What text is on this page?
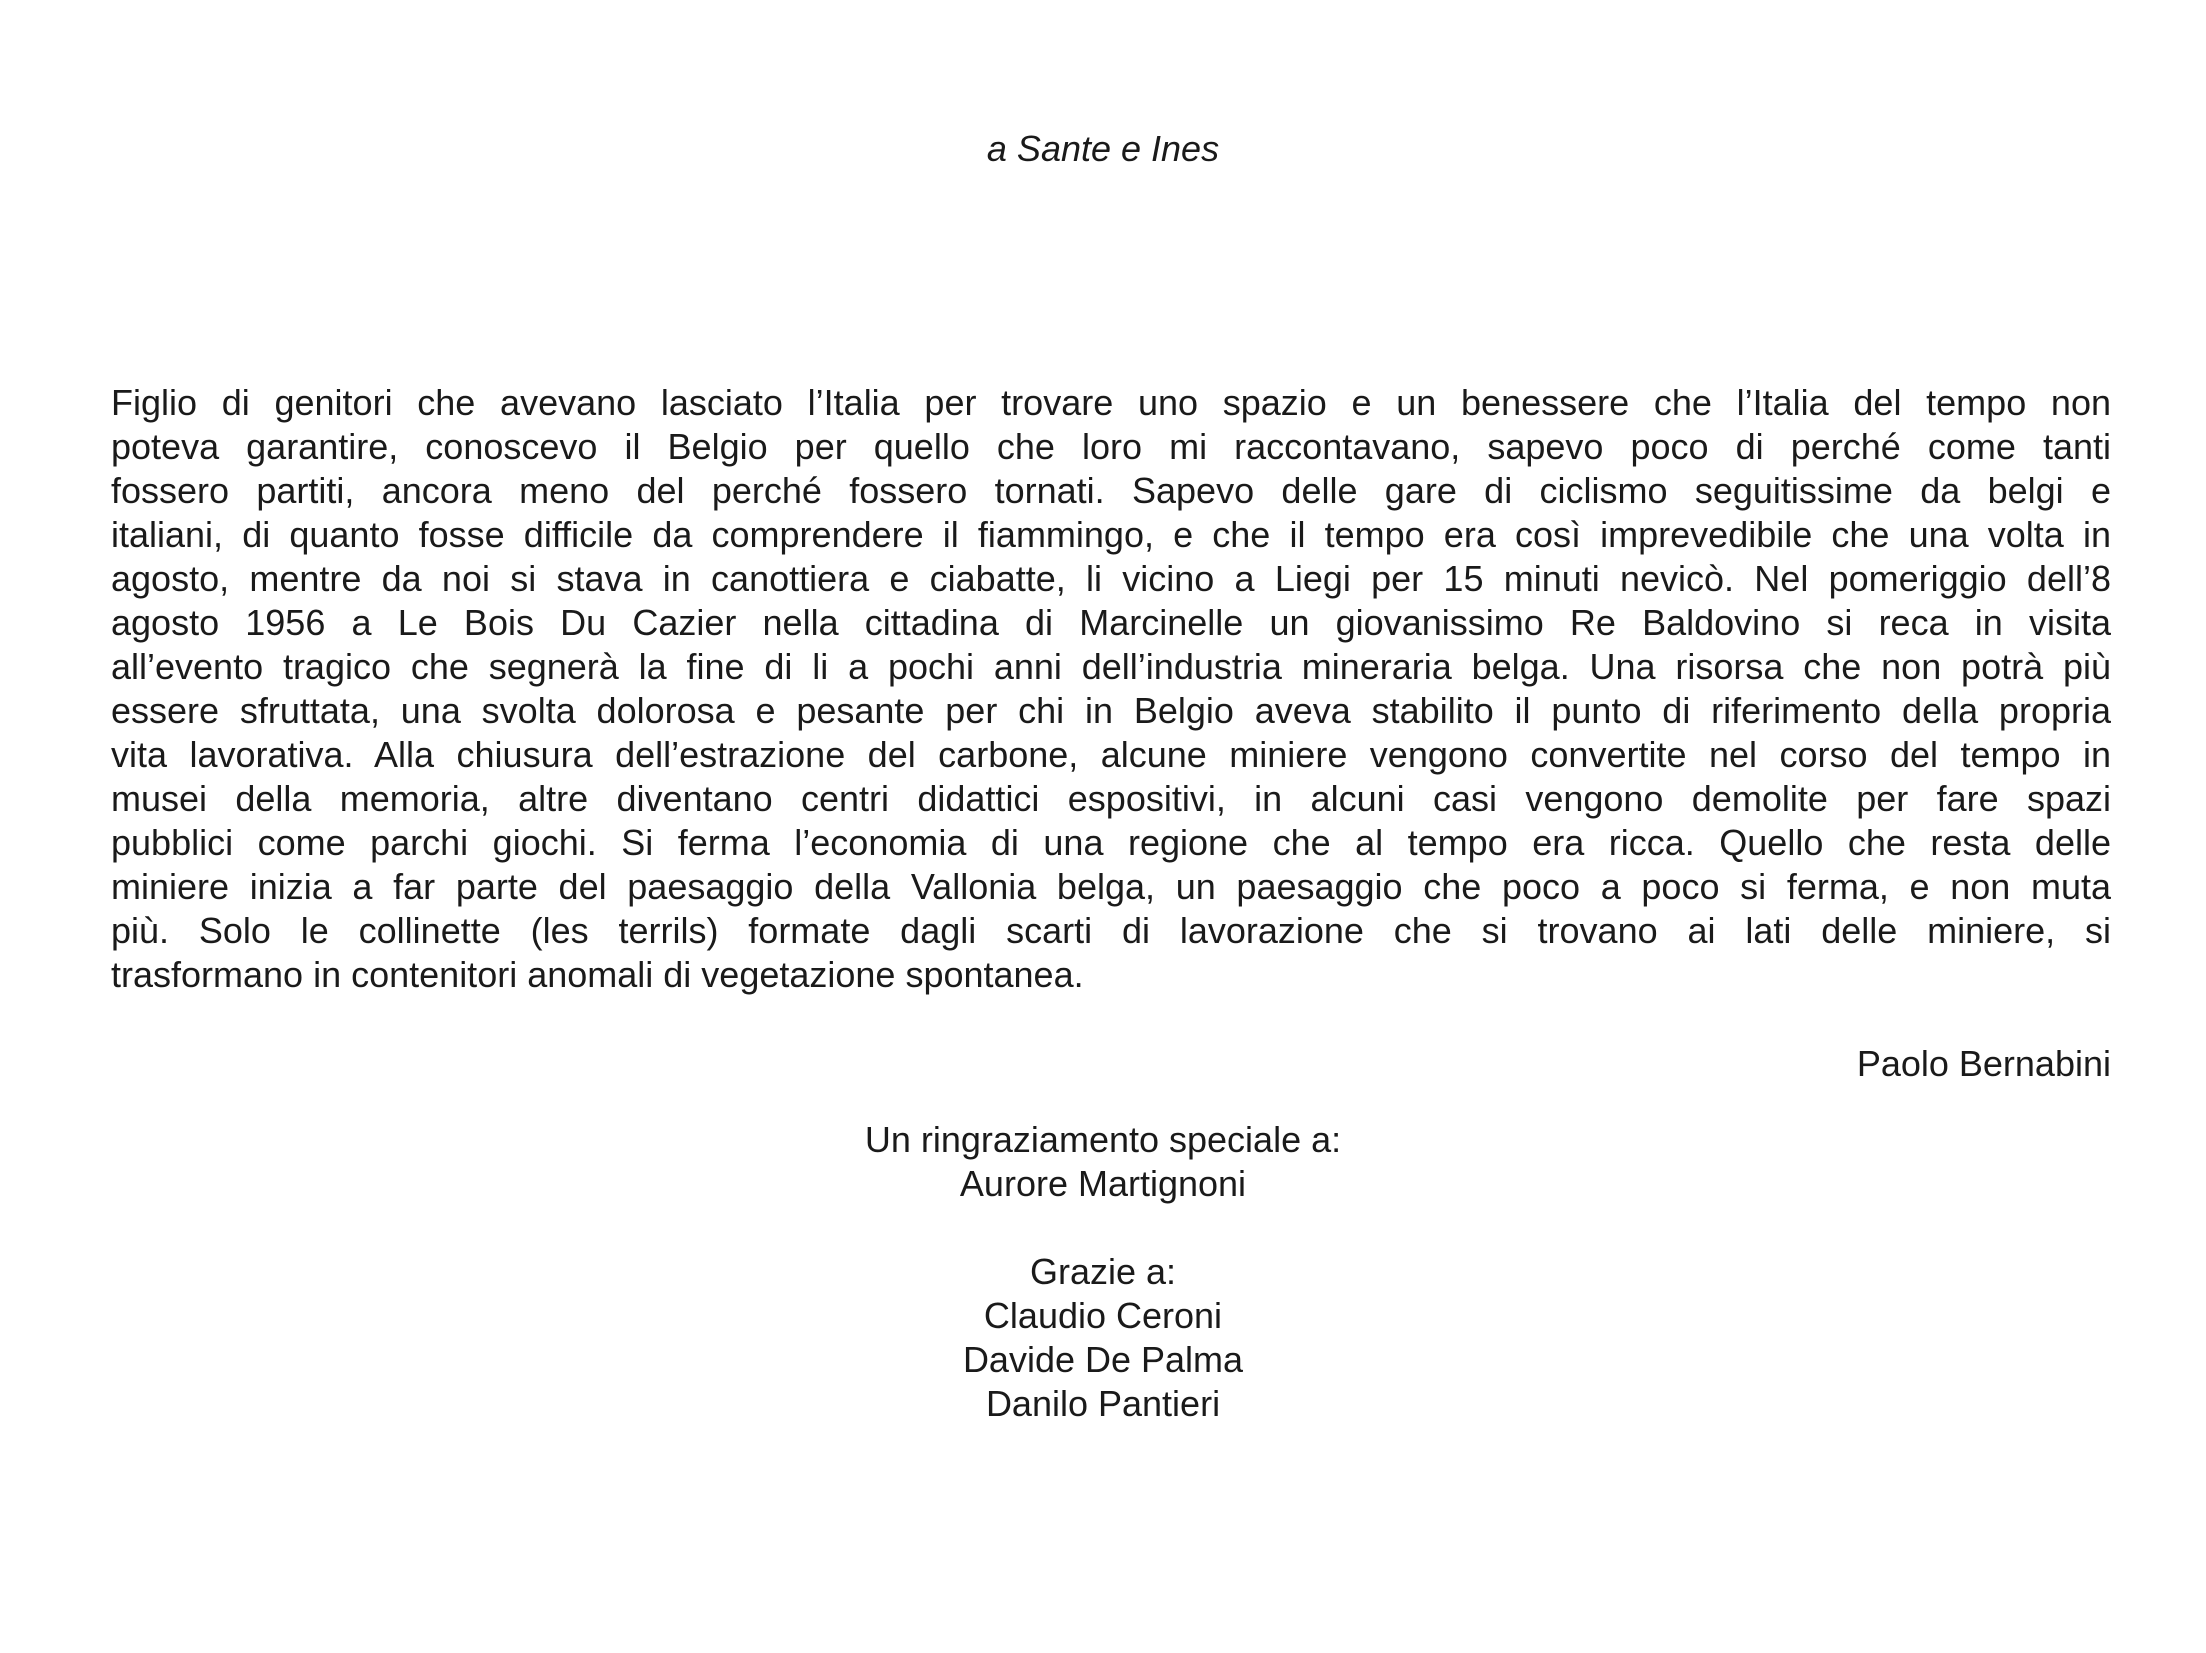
a Sante e Ines
Figlio di genitori che avevano lasciato l’Italia per trovare uno spazio e un benessere che l’Italia del tempo non
poteva garantire, conoscevo il Belgio per quello che loro mi raccontavano, sapevo poco di perché come tanti
fossero partiti, ancora meno del perché fossero tornati. Sapevo delle gare di ciclismo seguitissime da belgi e
italiani, di quanto fosse difficile da comprendere il fiammingo, e che il tempo era così imprevedibile che una volta in
agosto, mentre da noi si stava in canottiera e ciabatte, li vicino a Liegi per 15 minuti nevicò. Nel pomeriggio dell’8
agosto 1956 a Le Bois Du Cazier nella cittadina di Marcinelle un giovanissimo Re Baldovino si reca in visita
all’evento tragico che segnerà la fine di li a pochi anni dell’industria mineraria belga. Una risorsa che non potrà più
essere sfruttata, una svolta dolorosa e pesante per chi in Belgio aveva stabilito il punto di riferimento della propria
vita lavorativa. Alla chiusura dell’estrazione del carbone, alcune miniere vengono convertite nel corso del tempo in
musei della memoria, altre diventano centri didattici espositivi, in alcuni casi vengono demolite per fare spazi
pubblici come parchi giochi. Si ferma l’economia di una regione che al tempo era ricca. Quello che resta delle
miniere inizia a far parte del paesaggio della Vallonia belga, un paesaggio che poco a poco si ferma, e non muta
più. Solo le collinette (les terrils) formate dagli scarti di lavorazione che si trovano ai lati delle miniere, si
trasformano in contenitori anomali di vegetazione spontanea.
Paolo Bernabini
Un ringraziamento speciale a:
Aurore Martignoni
Grazie a:
Claudio Ceroni
Davide De Palma
Danilo Pantieri
